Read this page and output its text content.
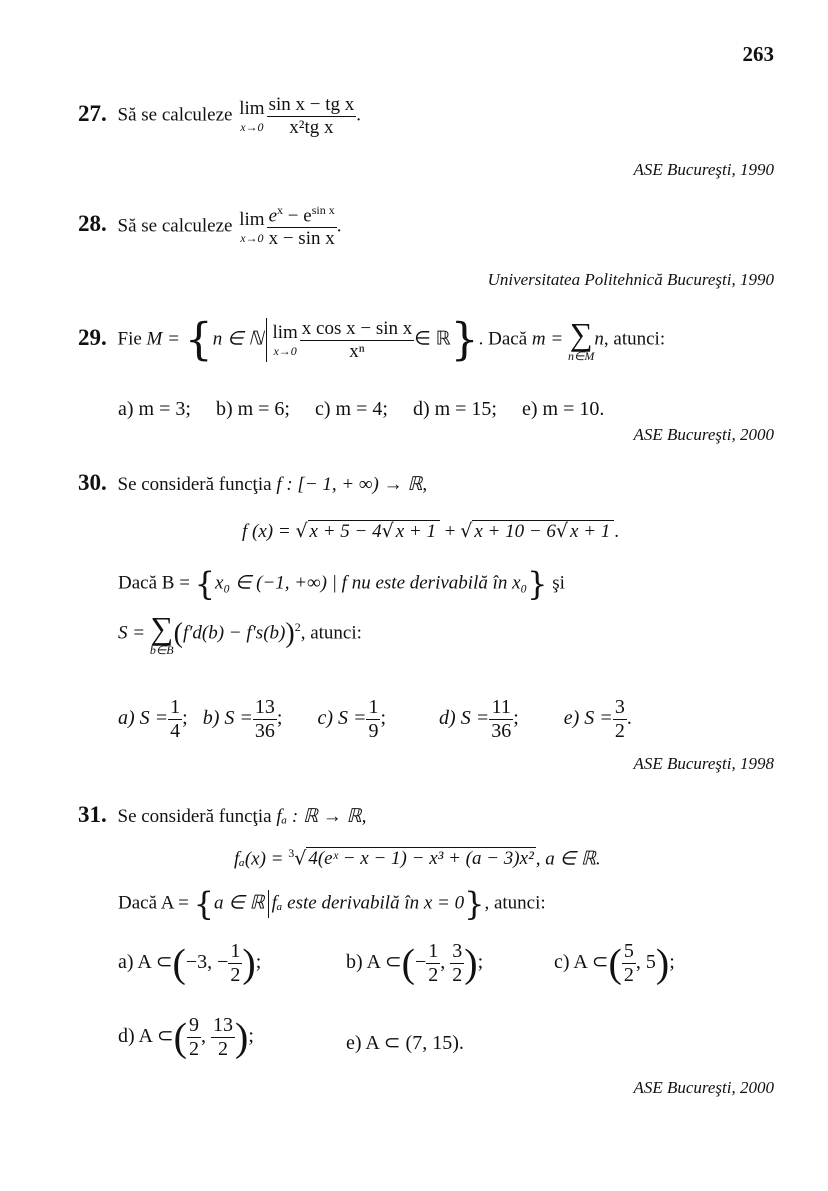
263
27. Să se calculeze lim
$x\to 0 \frac{\text{sin x − tg x}}{\text{x²tg x}}$ .
ASE Bucureşti, 1990
28. Să se calculeze lim
$x\to 0 \frac{e^x - e^{sin x}}{\text{x − sin x}}$ .
Universitatea Politehnică Bucureşti, 1990
29. Fie M = {n ∈ ℕ lim
$x\to 0 \frac{\text{x cos x − sin x}}{\text{xⁿ}}$ ∈ ℝ}. Dacă m = ∑
n∈M
n, atunci:
a) m = 3; b) m = 6; c) m = 4; d) m = 15; e) m = 10.
ASE Bucureşti, 2000
30. Se consideră funcţia f : [− 1, + ∞) → ℝ,
f (x) = √ x + 5 − 4√ x + 1 + √ x + 10 − 6√ x + 1 .
Dacă B = {x₀ ∈ (−1, +∞) | f nu este derivabilă în x₀} şi
S = ∑
b∈B
$(f'd(b) - f's(b))^2$, atunci:
a) $S = \frac{1}{4}$ ; b) $S = \frac{13}{36}$ ; c) $S = \frac{1}{9}$ ;	d) $S = \frac{11}{36}$ ; e) $S = \frac{3}{2}$ .
ASE Bucureşti, 1998
31. Se consideră funcţia fₐ : ℝ → ℝ,
fₐ(x) = $^3$√ 4(eˣ − x − 1) − x³ + (a − 3)x² , a ∈ ℝ.
Dacă A = {a ∈ ℝ fₐ este derivabilă în x = 0}, atunci:
a) A ⊂(−3, − $\frac{1}{2}$ );	b) A ⊂(− $\frac{1}{2}$ , $\frac{3}{2}$ );	c) A ⊂( $\frac{5}{2}$ , 5);
d) A ⊂( $\frac{9}{2}$ , $\frac{13}{2}$ );	e) A ⊂ (7, 15).
ASE Bucureşti, 2000
